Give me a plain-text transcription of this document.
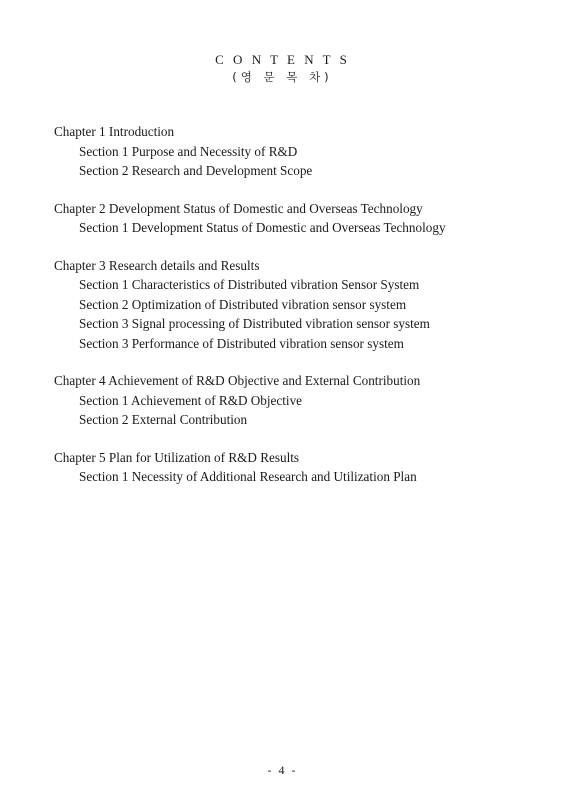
C O N T E N T S
(영 문 목 차)
Chapter 1 Introduction
Section 1 Purpose and Necessity of R&D
Section 2 Research and Development Scope
Chapter 2 Development Status of Domestic and Overseas Technology
Section 1 Development Status of Domestic and Overseas Technology
Chapter 3 Research details and Results
Section 1 Characteristics of Distributed vibration Sensor System
Section 2 Optimization of Distributed vibration sensor system
Section 3 Signal processing of Distributed vibration sensor system
Section 3 Performance of Distributed vibration sensor system
Chapter 4 Achievement of R&D Objective and External Contribution
Section 1 Achievement of R&D Objective
Section 2 External Contribution
Chapter 5 Plan for Utilization of R&D Results
Section 1 Necessity of Additional Research and Utilization Plan
- 4 -
